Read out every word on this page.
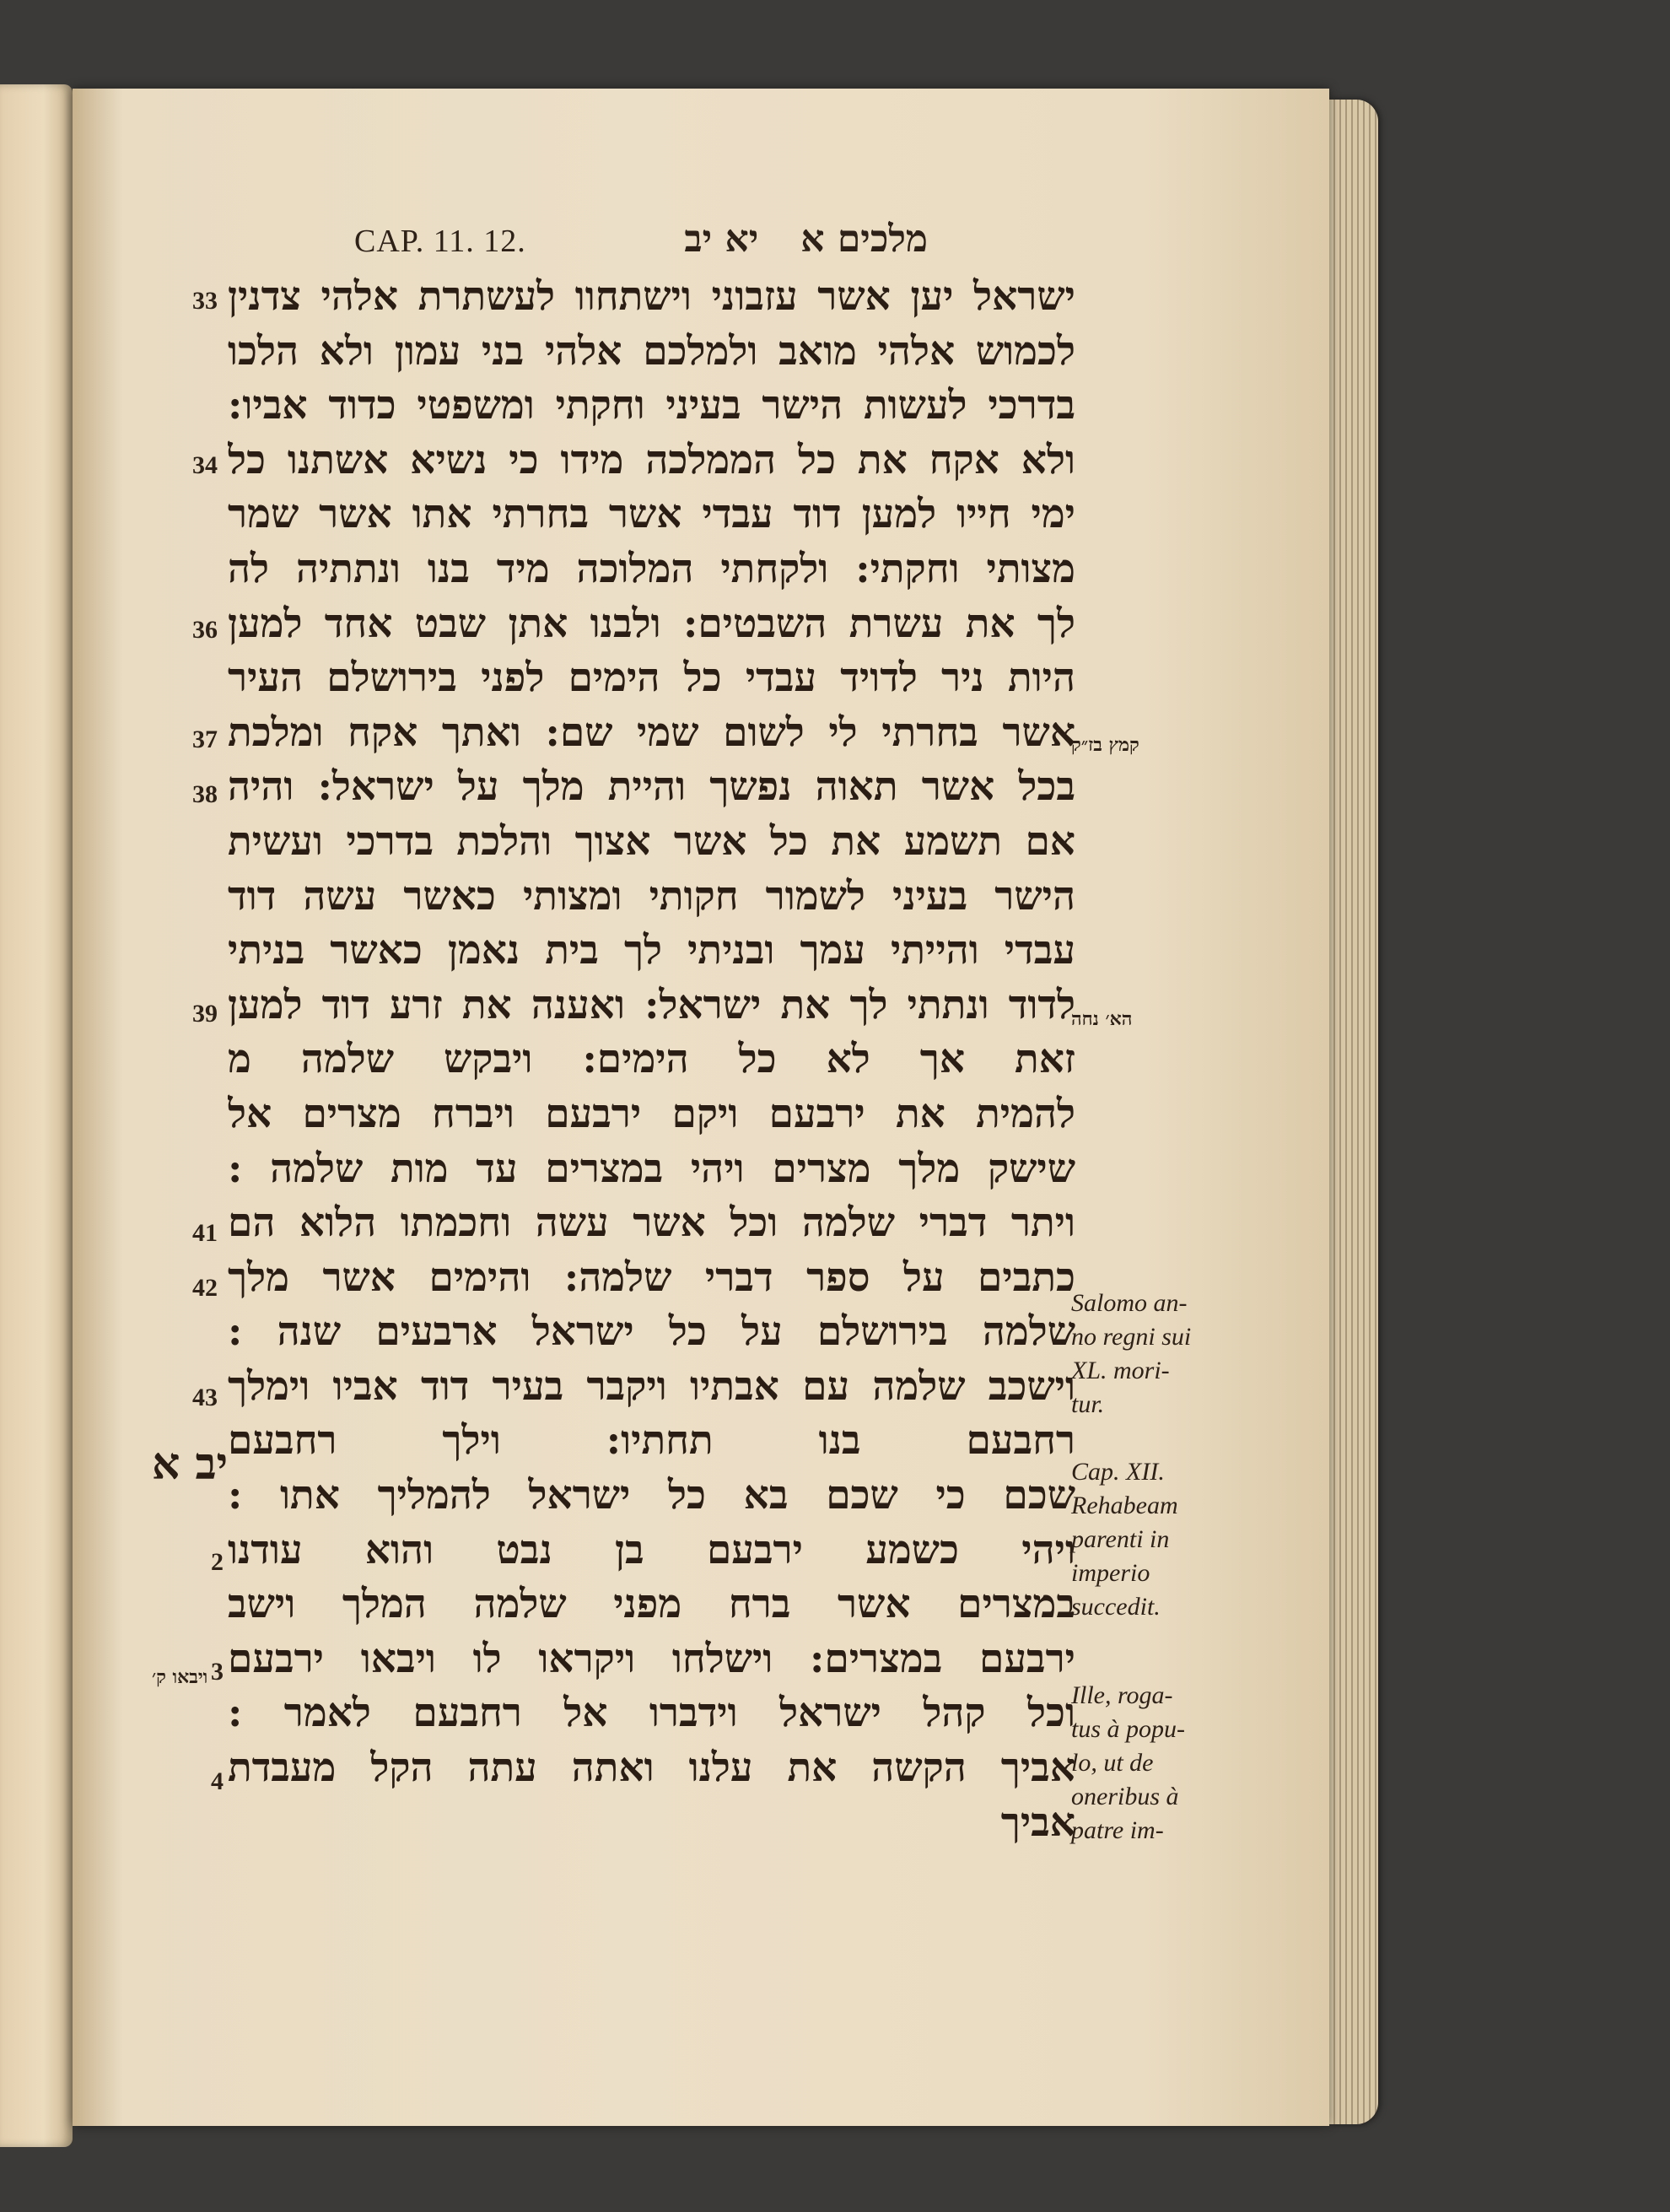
CAP. 11. 12.	מלכים א
יא יב
ישראל יען אשר עזבוני וישתחוו לעשתרת אלהי צדנין
לכמוש אלהי מואב ולמלכם אלהי בני עמון ולא הלכו
בדרכי לעשות הישר בעיני וחקתי ומשפטי כדוד אביו:
ולא אקח את כל הממלכה מידו כי נשיא אשתנו כל
ימי חייו למען דוד עבדי אשר בחרתי אתו אשר שמר
מצותי וחקתי: ולקחתי המלוכה מיד בנו ונתתיה לה
לך את עשרת השבטים: ולבנו אתן שבט אחד למען
היות ניר לדויד עבדי כל הימים לפני בירושלם העיר
אשר בחרתי לי לשום שמי שם: ואתך אקח ומלכת
בכל אשר תאוה נפשך והיית מלך על ישראל: והיה
אם תשמע את כל אשר אצוך והלכת בדרכי ועשית
הישר בעיני לשמור חקותי ומצותי כאשר עשה דוד
עבדי והייתי עמך ובניתי לך בית נאמן כאשר בניתי
לדוד ונתתי לך את ישראל: ואענה את זרע דוד למען
זאת אך לא כל הימים: ויבקש שלמה מ
להמית את ירבעם ויקם ירבעם ויברח מצרים אל
שישק מלך מצרים ויהי במצרים עד מות שלמה :
ויתר דברי שלמה וכל אשר עשה וחכמתו הלוא הם
כתבים על ספר דברי שלמה: והימים אשר מלך
שלמה בירושלם על כל ישראל ארבעים שנה :
וישכב שלמה עם אבתיו ויקבר בעיר דוד אביו וימלך
רחבעם בנו תחתיו: וילך רחבעם
שכם כי שכם בא כל ישראל להמליך אתו :
ויהי כשמע ירבעם בן נבט והוא עודנו
במצרים אשר ברח מפני שלמה המלך וישב
ירבעם במצרים: וישלחו ויקראו לו ויבאו ירבעם
וכל קהל ישראל וידברו אל רחבעם לאמר :
אביך הקשה את עלנו ואתה עתה הקל מעבדת
אביך
33
34
36
37
38
39
41
42
43
2
3
4
יב א
קמץ בז״ק
הא׳ נחה
ויבאו ק׳
Salomo an-
no regni sui
XL. mori-
tur.
Cap. XII.
Rehabeam
parenti in
imperio
succedit.
Ille, roga-
tus à popu-
lo, ut de
oneribus à
patre im-
